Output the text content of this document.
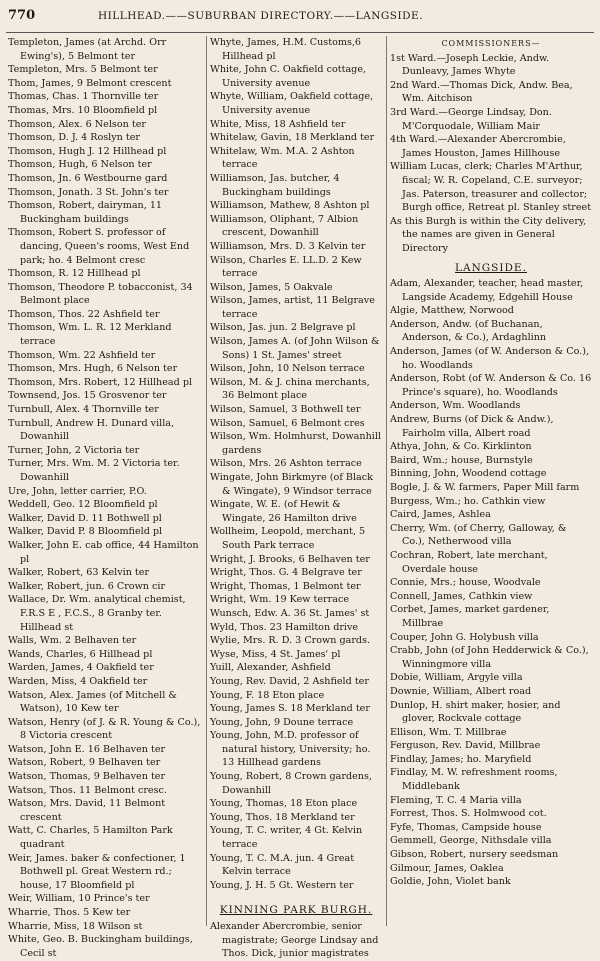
770	HILLHEAD.——SUBURBAN DIRECTORY.——LANGSIDE.
Templeton, James (at Archd. Orr Ewing's), 5 Belmont ter
Templeton, Mrs. 5 Belmont ter
Thom, James, 9 Belmont crescent
Thomas, Chas. 1 Thornville ter
Thomas, Mrs. 10 Bloomfield pl
Thomson, Alex. 6 Nelson ter
Thomson, D. J. 4 Roslyn ter
Thomson, Hugh J. 12 Hillhead pl
Thomson, Hugh, 6 Nelson ter
Thomson, Jn. 6 Westbourne gard
Thomson, Jonath. 3 St. John's ter
Thomson, Robert, dairyman, 11 Buckingham buildings
Thomson, Robert S. professor of dancing, Queen's rooms, West End park; ho. 4 Belmont cresc
Thomson, R. 12 Hillhead pl
Thomson, Theodore P. tobacconist, 34 Belmont place
Thomson, Thos. 22 Ashfield ter
Thomson, Wm. L. R. 12 Merkland terrace
Thomson, Wm. 22 Ashfield ter
Thomson, Mrs. Hugh, 6 Nelson ter
Thomson, Mrs. Robert, 12 Hillhead pl
Townsend, Jos. 15 Grosvenor ter
Turnbull, Alex. 4 Thornville ter
Turnbull, Andrew H. Dunard villa, Dowanhill
Turner, John, 2 Victoria ter
Turner, Mrs. Wm. M. 2 Victoria ter. Dowanhill
Ure, John, letter carrier, P.O.
Weddell, Geo. 12 Bloomfield pl
Walker, David D. 11 Bothwell pl
Walker, David P. 8 Bloomfield pl
Walker, John E. cab office, 44 Hamilton pl
Walker, Robert, 63 Kelvin ter
Walker, Robert, jun. 6 Crown cir
Wallace, Dr. Wm. analytical chemist, F.R.S E , F.C.S., 8 Granby ter. Hillhead st
Walls, Wm. 2 Belhaven ter
Wands, Charles, 6 Hillhead pl
Warden, James, 4 Oakfield ter
Warden, Miss, 4 Oakfield ter
Watson, Alex. James (of Mitchell & Watson), 10 Kew ter
Watson, Henry (of J. & R. Young & Co.), 8 Victoria crescent
Watson, John E. 16 Belhaven ter
Watson, Robert, 9 Belhaven ter
Watson, Thomas, 9 Belhaven ter
Watson, Thos. 11 Belmont cresc.
Watson, Mrs. David, 11 Belmont crescent
Watt, C. Charles, 5 Hamilton Park quadrant
Weir, James. baker & confectioner, 1 Bothwell pl. Great Western rd.; house, 17 Bloomfield pl
Weir, William, 10 Prince's ter
Wharrie, Thos. 5 Kew ter
Wharrie, Miss, 18 Wilson st
White, Geo. B. Buckingham buildings, Cecil st
Whyte, James, H.M. Customs,6 Hillhead pl
White, John C. Oakfield cottage, University avenue
Whyte, William, Oakfield cottage, University avenue
White, Miss, 18 Ashfield ter
Whitelaw, Gavin, 18 Merkland ter
Whitelaw, Wm. M.A. 2 Ashton terrace
Williamson, Jas. butcher, 4 Buckingham buildings
Williamson, Mathew, 8 Ashton pl
Williamson, Oliphant, 7 Albion crescent, Dowanhill
Williamson, Mrs. D. 3 Kelvin ter
Wilson, Charles E. LL.D. 2 Kew terrace
Wilson, James, 5 Oakvale
Wilson, James, artist, 11 Belgrave terrace
Wilson, Jas. jun. 2 Belgrave pl
Wilson, James A. (of John Wilson & Sons) 1 St. James' street
Wilson, John, 10 Nelson terrace
Wilson, M. & J. china merchants, 36 Belmont place
Wilson, Samuel, 3 Bothwell ter
Wilson, Samuel, 6 Belmont cres
Wilson, Wm. Holmhurst, Dowanhill gardens
Wilson, Mrs. 26 Ashton terrace
Wingate, John Birkmyre (of Black & Wingate), 9 Windsor terrace
Wingate, W. E. (of Hewit & Wingate, 26 Hamilton drive
Wollheim, Leopold, merchant, 5 South Park terrace
Wright, J. Brooks, 6 Belhaven ter
Wright, Thos. G. 4 Belgrave ter
Wright, Thomas, 1 Belmont ter
Wright, Wm. 19 Kew terrace
Wunsch, Edw. A. 36 St. James' st
Wyld, Thos. 23 Hamilton drive
Wylie, Mrs. R. D. 3 Crown gards.
Wyse, Miss, 4 St. James' pl
Yuill, Alexander, Ashfield
Young, Rev. David, 2 Ashfield ter
Young, F. 18 Eton place
Young, James S. 18 Merkland ter
Young, John, 9 Doune terrace
Young, John, M.D. professor of natural history, University; ho. 13 Hillhead gardens
Young, Robert, 8 Crown gardens, Dowanhill
Young, Thomas, 18 Eton place
Young, Thos. 18 Merkland ter
Young, T. C. writer, 4 Gt. Kelvin terrace
Young, T. C. M.A. jun. 4 Great Kelvin terrace
Young, J. H. 5 Gt. Western ter
KINNING PARK BURGH.
Alexander Abercrombie, senior magistrate; George Lindsay and Thos. Dick, junior magistrates
COMMISSIONERS—
1st Ward.—Joseph Leckie, Andw. Dunleavy, James Whyte
2nd Ward.—Thomas Dick, Andw. Bea, Wm. Aitchison
3rd Ward.—George Lindsay, Don. M'Corquodale, William Mair
4th Ward.—Alexander Abercrombie, James Houston, James Hillhouse
William Lucas, clerk; Charles M'Arthur, fiscal; W. R. Copeland, C.E. surveyor; Jas. Paterson, treasurer and collector; Burgh office, Retreat pl. Stanley street
As this Burgh is within the City delivery, the names are given in General Directory
LANGSIDE.
Adam, Alexander, teacher, head master, Langside Academy, Edgehill House
Algie, Matthew, Norwood
Anderson, Andw. (of Buchanan, Anderson, & Co.), Ardaghlinn
Anderson, James (of W. Anderson & Co.), ho. Woodlands
Anderson, Robt (of W. Anderson & Co. 16 Prince's square), ho. Woodlands
Anderson, Wm. Woodlands
Andrew, Burns (of Dick & Andw.), Fairholm villa, Albert road
Athya, John, & Co. Kirklinton
Baird, Wm.; house, Burnstyle
Binning, John, Woodend cottage
Bogle, J. & W. farmers, Paper Mill farm
Burgess, Wm.; ho. Cathkin view
Caird, James, Ashlea
Cherry, Wm. (of Cherry, Galloway, & Co.), Netherwood villa
Cochran, Robert, late merchant, Overdale house
Connie, Mrs.; house, Woodvale
Connell, James, Cathkin view
Corbet, James, market gardener, Millbrae
Couper, John G. Holybush villa
Crabb, John (of John Hedderwick & Co.), Winningmore villa
Dobie, William, Argyle villa
Downie, William, Albert road
Dunlop, H. shirt maker, hosier, and glover, Rockvale cottage
Ellison, Wm. T. Millbrae
Ferguson, Rev. David, Millbrae
Findlay, James; ho. Maryfield
Findlay, M. W. refreshment rooms, Middlebank
Fleming, T. C. 4 Maria villa
Forrest, Thos. S. Holmwood cot.
Fyfe, Thomas, Campside house
Gemmell, George, Nithsdale villa
Gibson, Robert, nursery seedsman
Gilmour, James, Oaklea
Goldie, John, Violet bank
